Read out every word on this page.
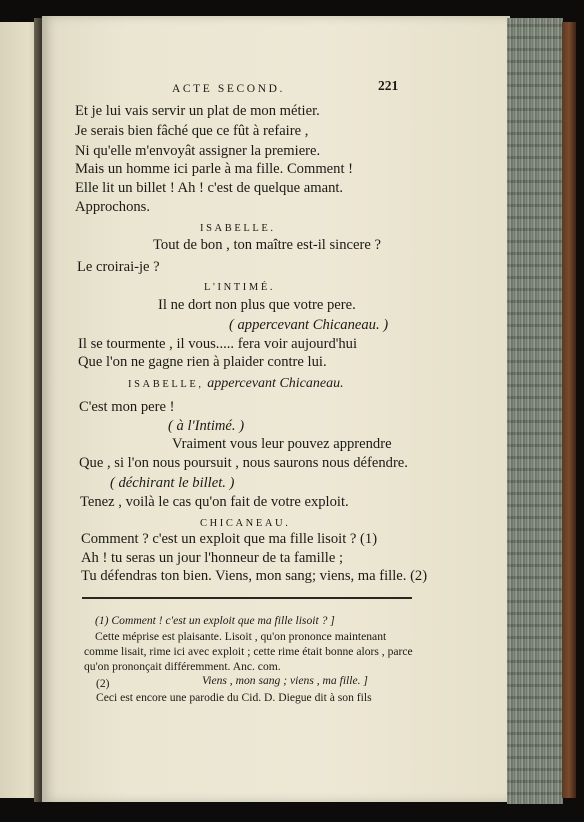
ACTE SECOND.	221
Et je lui vais servir un plat de mon métier.
Je serais bien fâché que ce fût à refaire ,
Ni qu'elle m'envoyât assigner la premiere.
Mais un homme ici parle à ma fille. Comment !
Elle lit un billet ! Ah ! c'est de quelque amant.
Approchons.
ISABELLE.
Tout de bon , ton maître est-il sincere ?
Le croirai-je ?
L'INTIMÉ.
Il ne dort non plus que votre pere.
( appercevant Chicaneau. )
Il se tourmente , il vous..... fera voir aujourd'hui
Que l'on ne gagne rien à plaider contre lui.
ISABELLE, appercevant Chicaneau.
C'est mon pere !
( à l'Intimé. )
Vraiment vous leur pouvez apprendre
Que , si l'on nous poursuit , nous saurons nous défendre.
( déchirant le billet. )
Tenez , voilà le cas qu'on fait de votre exploit.
CHICANEAU.
Comment ? c'est un exploit que ma fille lisoit ? (1)
Ah ! tu seras un jour l'honneur de ta famille ;
Tu défendras ton bien. Viens, mon sang; viens, ma fille. (2)
(1) Comment ! c'est un exploit que ma fille lisoit ? ]
Cette méprise est plaisante. Lisoit , qu'on prononce maintenant
comme lisait, rime ici avec exploit ; cette rime était bonne alors , parce
qu'on prononçait différemment. Anc. com.
(2)	Viens , mon sang ; viens , ma fille. ]
Ceci est encore une parodie du Cid. D. Diegue dit à son fils
